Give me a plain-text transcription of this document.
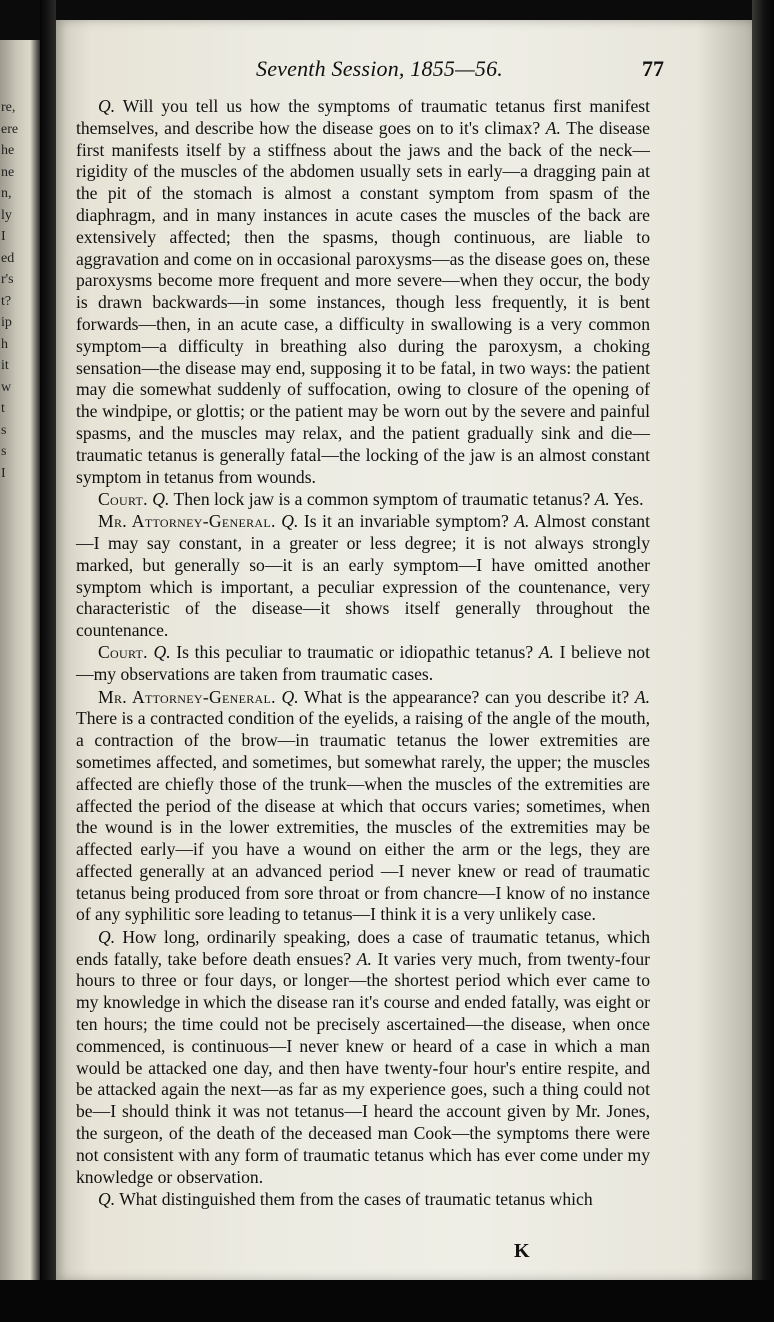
re,
ere
he
ne
n,
ly
I
ed
r's
t?
ip
h
it
w
t
s
s
I
Seventh Session, 1855—56.	77

Q. Will you tell us how the symptoms of traumatic tetanus first manifest themselves, and describe how the disease goes on to it's climax? A. The disease first manifests itself by a stiffness about the jaws and the back of the neck—rigidity of the muscles of the abdomen usually sets in early—a dragging pain at the pit of the stomach is almost a constant symptom from spasm of the diaphragm, and in many instances in acute cases the muscles of the back are extensively affected; then the spasms, though continuous, are liable to aggravation and come on in occasional paroxysms—as the disease goes on, these paroxysms become more frequent and more severe—when they occur, the body is drawn backwards—in some instances, though less frequently, it is bent forwards—then, in an acute case, a difficulty in swallowing is a very common symptom—a difficulty in breathing also during the paroxysm, a choking sensation—the disease may end, supposing it to be fatal, in two ways: the patient may die somewhat suddenly of suffocation, owing to closure of the opening of the windpipe, or glottis; or the patient may be worn out by the severe and painful spasms, and the muscles may relax, and the patient gradually sink and die—traumatic tetanus is generally fatal—the locking of the jaw is an almost constant symptom in tetanus from wounds.

Court. Q. Then lock jaw is a common symptom of traumatic tetanus? A. Yes.

Mr. Attorney-General. Q. Is it an invariable symptom? A. Almost constant—I may say constant, in a greater or less degree; it is not always strongly marked, but generally so—it is an early symptom—I have omitted another symptom which is important, a peculiar expression of the countenance, very characteristic of the disease—it shows itself generally throughout the countenance.

Court. Q. Is this peculiar to traumatic or idiopathic tetanus? A. I believe not—my observations are taken from traumatic cases.

Mr. Attorney-General. Q. What is the appearance? can you describe it? A. There is a contracted condition of the eyelids, a raising of the angle of the mouth, a contraction of the brow—in traumatic tetanus the lower extremities are sometimes affected, and sometimes, but somewhat rarely, the upper; the muscles affected are chiefly those of the trunk—when the muscles of the extremities are affected the period of the disease at which that occurs varies; sometimes, when the wound is in the lower extremities, the muscles of the extremities may be affected early—if you have a wound on either the arm or the legs, they are affected generally at an advanced period —I never knew or read of traumatic tetanus being produced from sore throat or from chancre—I know of no instance of any syphilitic sore leading to tetanus—I think it is a very unlikely case.

Q. How long, ordinarily speaking, does a case of traumatic tetanus, which ends fatally, take before death ensues? A. It varies very much, from twenty-four hours to three or four days, or longer—the shortest period which ever came to my knowledge in which the disease ran it's course and ended fatally, was eight or ten hours; the time could not be precisely ascertained—the disease, when once commenced, is continuous—I never knew or heard of a case in which a man would be attacked one day, and then have twenty-four hour's entire respite, and be attacked again the next—as far as my experience goes, such a thing could not be—I should think it was not tetanus—I heard the account given by Mr. Jones, the surgeon, of the death of the deceased man Cook—the symptoms there were not consistent with any form of traumatic tetanus which has ever come under my knowledge or observation.

Q. What distinguished them from the cases of traumatic tetanus which

K
